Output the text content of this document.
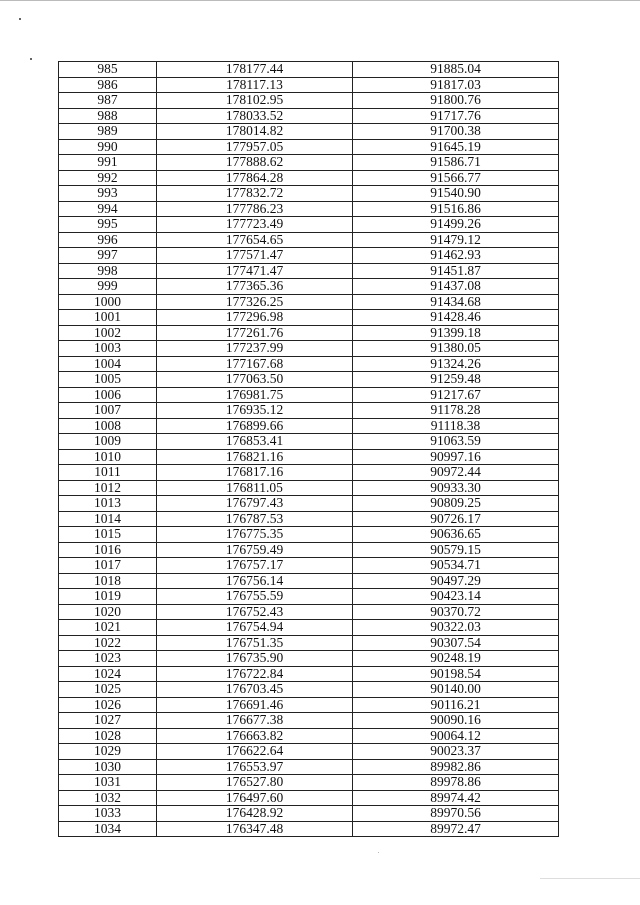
985	178177.44	91885.04
986	178117.13	91817.03
987	178102.95	91800.76
988	178033.52	91717.76
989	178014.82	91700.38
990	177957.05	91645.19
991	177888.62	91586.71
992	177864.28	91566.77
993	177832.72	91540.90
994	177786.23	91516.86
995	177723.49	91499.26
996	177654.65	91479.12
997	177571.47	91462.93
998	177471.47	91451.87
999	177365.36	91437.08
1000	177326.25	91434.68
1001	177296.98	91428.46
1002	177261.76	91399.18
1003	177237.99	91380.05
1004	177167.68	91324.26
1005	177063.50	91259.48
1006	176981.75	91217.67
1007	176935.12	91178.28
1008	176899.66	91118.38
1009	176853.41	91063.59
1010	176821.16	90997.16
1011	176817.16	90972.44
1012	176811.05	90933.30
1013	176797.43	90809.25
1014	176787.53	90726.17
1015	176775.35	90636.65
1016	176759.49	90579.15
1017	176757.17	90534.71
1018	176756.14	90497.29
1019	176755.59	90423.14
1020	176752.43	90370.72
1021	176754.94	90322.03
1022	176751.35	90307.54
1023	176735.90	90248.19
1024	176722.84	90198.54
1025	176703.45	90140.00
1026	176691.46	90116.21
1027	176677.38	90090.16
1028	176663.82	90064.12
1029	176622.64	90023.37
1030	176553.97	89982.86
1031	176527.80	89978.86
1032	176497.60	89974.42
1033	176428.92	89970.56
1034	176347.48	89972.47
